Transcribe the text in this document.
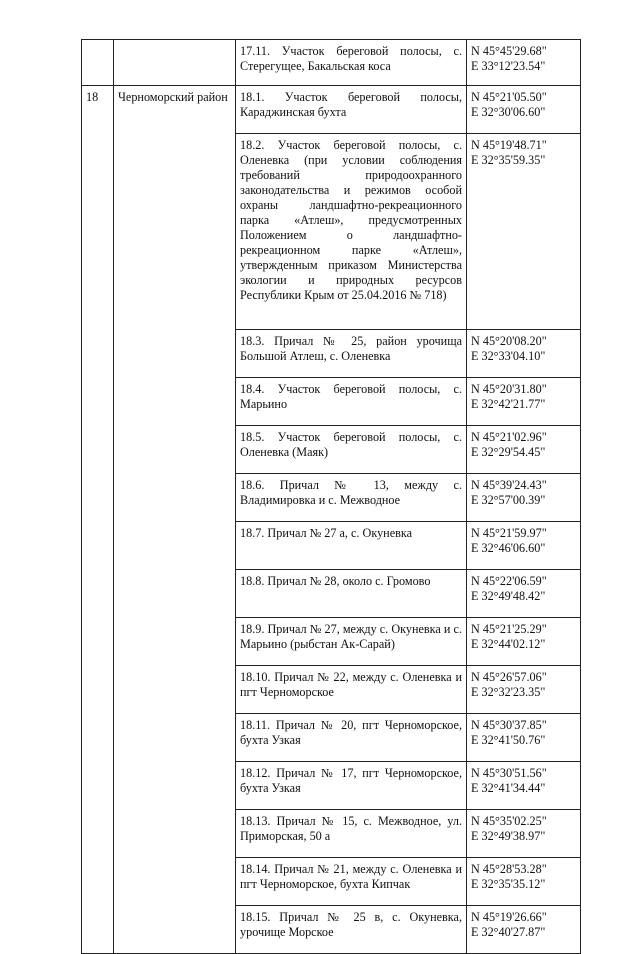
		17.11. Участок береговой полосы, с. Стерегущее, Бакальская коса	N 45°45'29.68"
E 33°12'23.54"

18	Черноморский район	18.1. Участок береговой полосы, Караджинская бухта	N 45°21'05.50"
E 32°30'06.60"

		18.2. Участок береговой полосы, с. Оленевка (при условии соблюдения требований природоохранного законодательства и режимов особой охраны ландшафтно-рекреационного парка «Атлеш», предусмотренных Положением о ландшафтно-рекреационном парке «Атлеш», утвержденным приказом Министерства экологии и природных ресурсов Республики Крым от 25.04.2016 № 718)	N 45°19'48.71"
E 32°35'59.35"

		18.3. Причал № 25, район урочища Большой Атлеш, с. Оленевка	N 45°20'08.20"
E 32°33'04.10"

		18.4. Участок береговой полосы, с. Марьино	N 45°20'31.80"
E 32°42'21.77"

		18.5. Участок береговой полосы, с. Оленевка (Маяк)	N 45°21'02.96"
E 32°29'54.45"

		18.6. Причал № 13, между с. Владимировка и с. Межводное	N 45°39'24.43"
E 32°57'00.39"

		18.7. Причал № 27 а, с. Окуневка	N 45°21'59.97"
E 32°46'06.60"

		18.8. Причал № 28, около с. Громово	N 45°22'06.59"
E 32°49'48.42"

		18.9. Причал № 27, между с. Окуневка и с. Марьино (рыбстан Ак-Сарай)	N 45°21'25.29"
E 32°44'02.12"

		18.10. Причал № 22, между с. Оленевка и пгт Черноморское	N 45°26'57.06"
E 32°32'23.35"

		18.11. Причал № 20, пгт Черноморское, бухта Узкая	N 45°30'37.85"
E 32°41'50.76"

		18.12. Причал № 17, пгт Черноморское, бухта Узкая	N 45°30'51.56"
E 32°41'34.44"

		18.13. Причал № 15, с. Межводное, ул. Приморская, 50 а	N 45°35'02.25"
E 32°49'38.97"

		18.14. Причал № 21, между с. Оленевка и пгт Черноморское, бухта Кипчак	N 45°28'53.28"
E 32°35'35.12"

		18.15. Причал № 25 в, с. Окуневка, урочище Морское	N 45°19'26.66"
E 32°40'27.87"
